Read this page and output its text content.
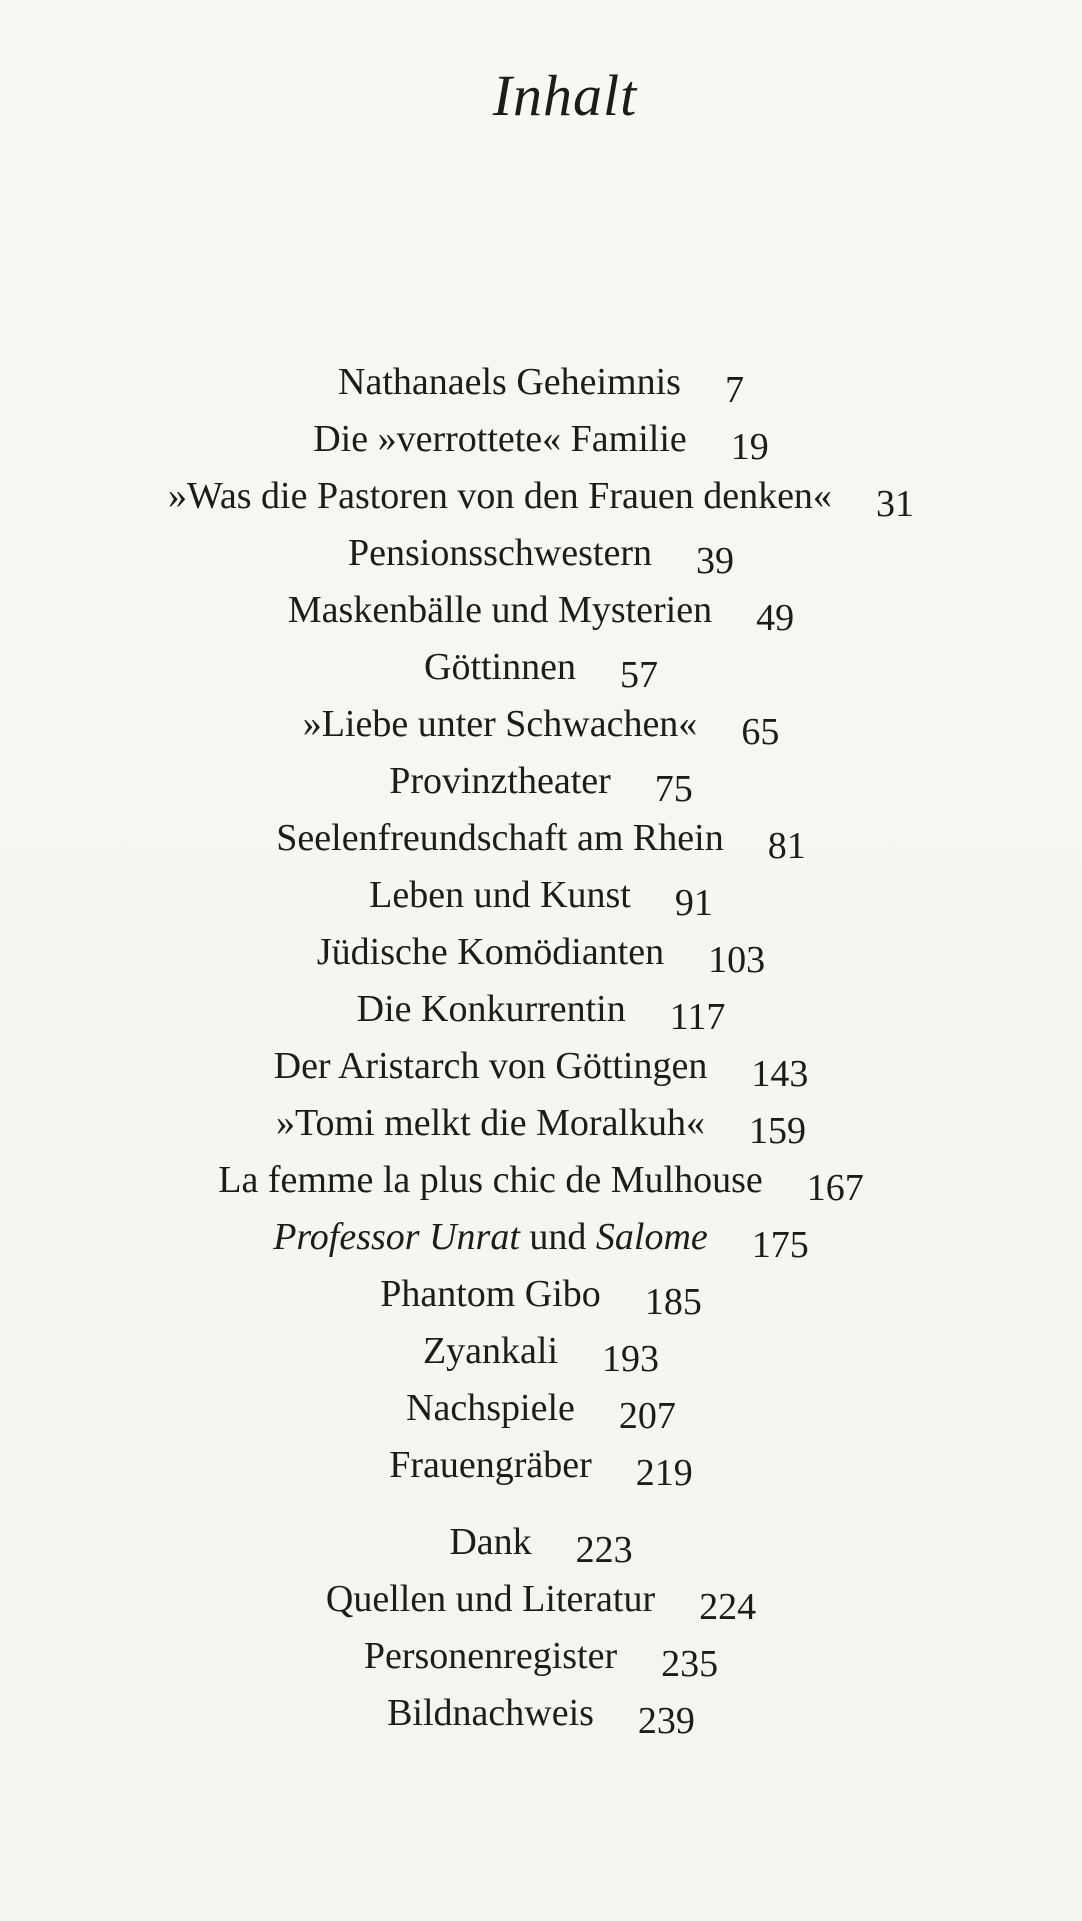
Inhalt
Nathanaels Geheimnis 7
Die »verrottete« Familie 19
»Was die Pastoren von den Frauen denken« 31
Pensionsschwestern 39
Maskenbälle und Mysterien 49
Göttinnen 57
»Liebe unter Schwachen« 65
Provinztheater 75
Seelenfreundschaft am Rhein 81
Leben und Kunst 91
Jüdische Komödianten 103
Die Konkurrentin 117
Der Aristarch von Göttingen 143
»Tomi melkt die Moralkuh« 159
La femme la plus chic de Mulhouse 167
Professor Unrat und Salome 175
Phantom Gibo 185
Zyankali 193
Nachspiele 207
Frauengräber 219
Dank 223
Quellen und Literatur 224
Personenregister 235
Bildnachweis 239
